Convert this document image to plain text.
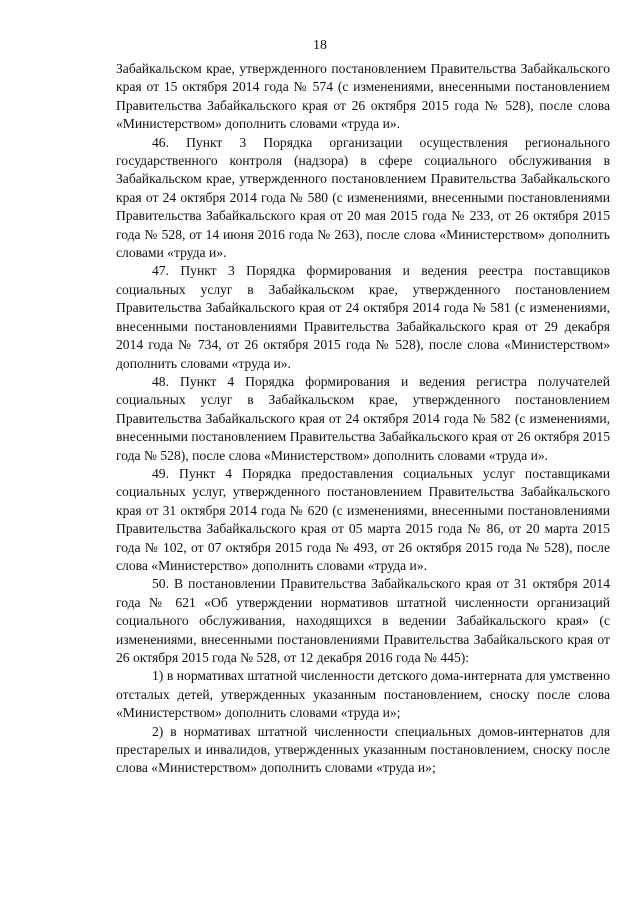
18

Забайкальском крае, утвержденного постановлением Правительства Забайкальского края от 15 октября 2014 года № 574 (с изменениями, внесенными постановлением Правительства Забайкальского края от 26 октября 2015 года № 528), после слова «Министерством» дополнить словами «труда и».

46. Пункт 3 Порядка организации осуществления регионального государственного контроля (надзора) в сфере социального обслуживания в Забайкальском крае, утвержденного постановлением Правительства Забайкальского края от 24 октября 2014 года № 580 (с изменениями, внесенными постановлениями Правительства Забайкальского края от 20 мая 2015 года № 233, от 26 октября 2015 года № 528, от 14 июня 2016 года № 263), после слова «Министерством» дополнить словами «труда и».

47. Пункт 3 Порядка формирования и ведения реестра поставщиков социальных услуг в Забайкальском крае, утвержденного постановлением Правительства Забайкальского края от 24 октября 2014 года № 581 (с изменениями, внесенными постановлениями Правительства Забайкальского края от 29 декабря 2014 года № 734, от 26 октября 2015 года № 528), после слова «Министерством» дополнить словами «труда и».

48. Пункт 4 Порядка формирования и ведения регистра получателей социальных услуг в Забайкальском крае, утвержденного постановлением Правительства Забайкальского края от 24 октября 2014 года № 582 (с изменениями, внесенными постановлением Правительства Забайкальского края от 26 октября 2015 года № 528), после слова «Министерством» дополнить словами «труда и».

49. Пункт 4 Порядка предоставления социальных услуг поставщиками социальных услуг, утвержденного постановлением Правительства Забайкальского края от 31 октября 2014 года № 620 (с изменениями, внесенными постановлениями Правительства Забайкальского края от 05 марта 2015 года № 86, от 20 марта 2015 года № 102, от 07 октября 2015 года № 493, от 26 октября 2015 года № 528), после слова «Министерство» дополнить словами «труда и».

50. В постановлении Правительства Забайкальского края от 31 октября 2014 года № 621 «Об утверждении нормативов штатной численности организаций социального обслуживания, находящихся в ведении Забайкальского края» (с изменениями, внесенными постановлениями Правительства Забайкальского края от 26 октября 2015 года № 528, от 12 декабря 2016 года № 445):

1) в нормативах штатной численности детского дома-интерната для умственно отсталых детей, утвержденных указанным постановлением, сноску после слова «Министерством» дополнить словами «труда и»;

2) в нормативах штатной численности специальных домов-интернатов для престарелых и инвалидов, утвержденных указанным постановлением, сноску после слова «Министерством» дополнить словами «труда и»;
